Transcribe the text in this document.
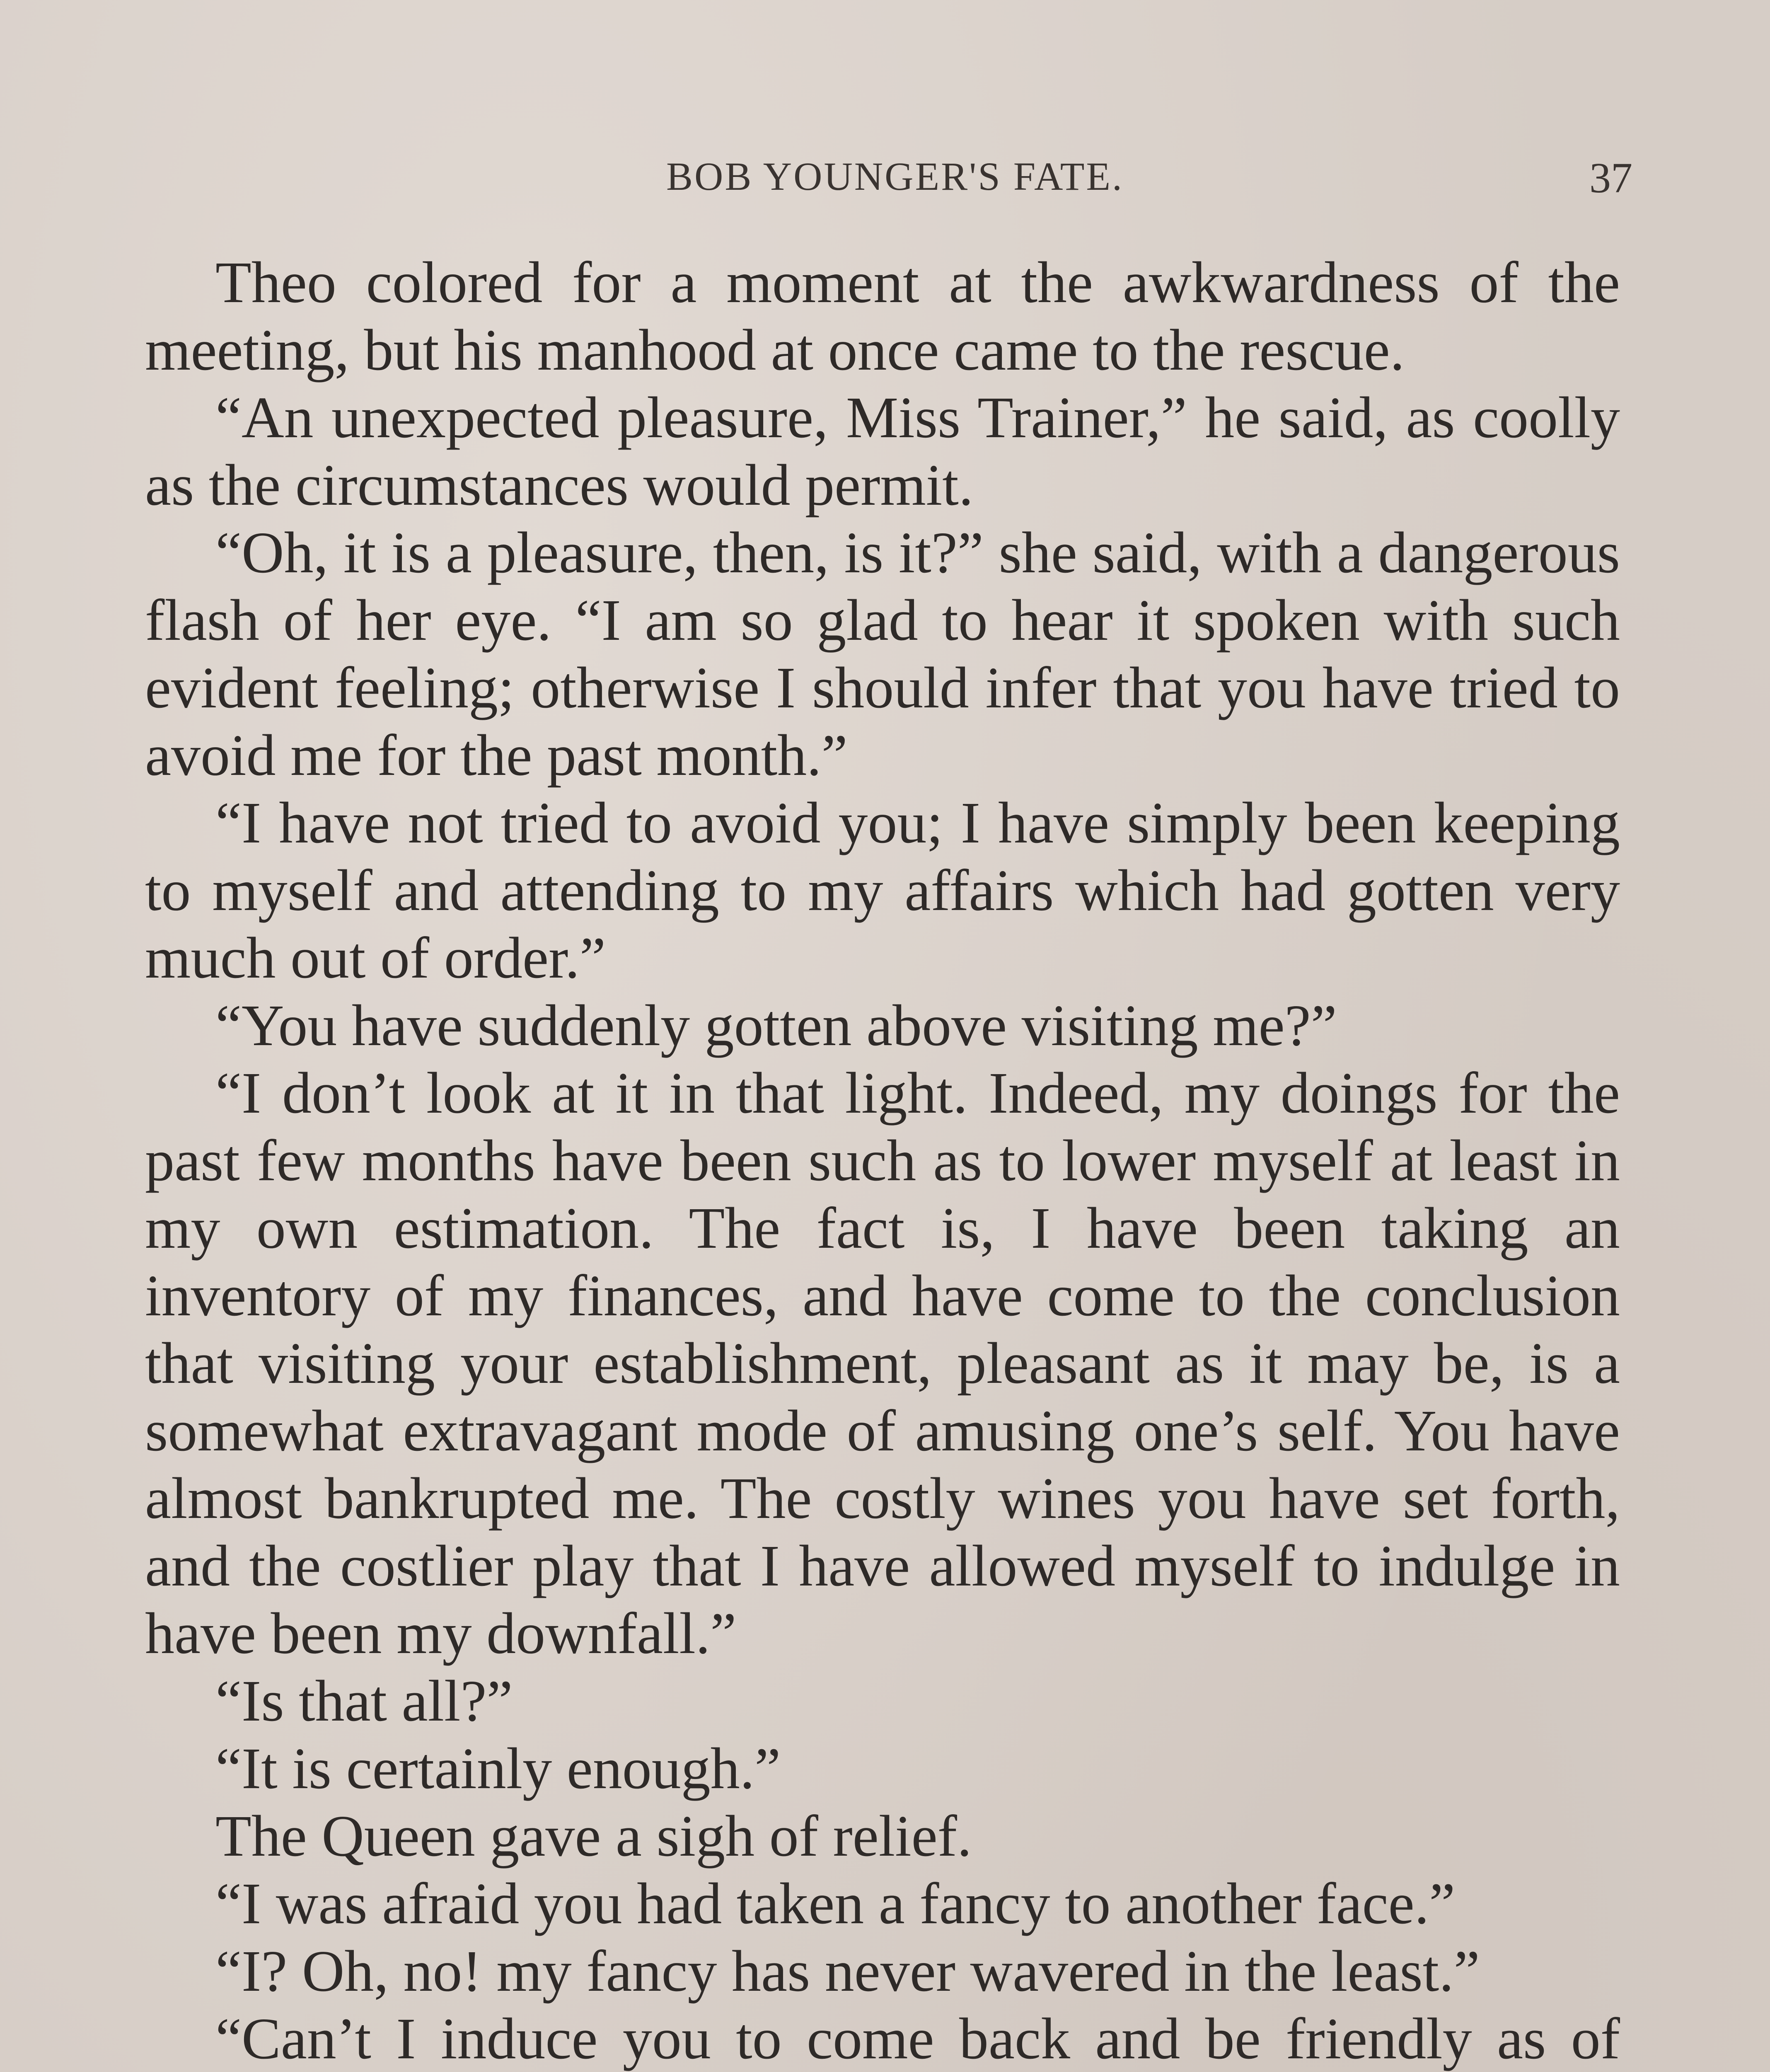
BOB YOUNGER'S FATE.	37

Theo colored for a moment at the awkwardness of the meeting, but his manhood at once came to the rescue.

“An unexpected pleasure, Miss Trainer,” he said, as coolly as the circumstances would permit.

“Oh, it is a pleasure, then, is it?” she said, with a dangerous flash of her eye. “I am so glad to hear it spoken with such evident feeling; otherwise I should infer that you have tried to avoid me for the past month.”

“I have not tried to avoid you; I have simply been keeping to myself and attending to my affairs which had gotten very much out of order.”

“You have suddenly gotten above visiting me?”

“I don’t look at it in that light. Indeed, my doings for the past few months have been such as to lower myself at least in my own estimation. The fact is, I have been taking an inventory of my finances, and have come to the conclusion that visiting your establishment, pleasant as it may be, is a somewhat extravagant mode of amusing one’s self. You have almost bankrupted me. The costly wines you have set forth, and the costlier play that I have allowed myself to indulge in have been my downfall.”

“Is that all?”

“It is certainly enough.”

The Queen gave a sigh of relief.

“I was afraid you had taken a fancy to another face.”

“I? Oh, no! my fancy has never wavered in the least.”

“Can’t I induce you to come back and be friendly as of
